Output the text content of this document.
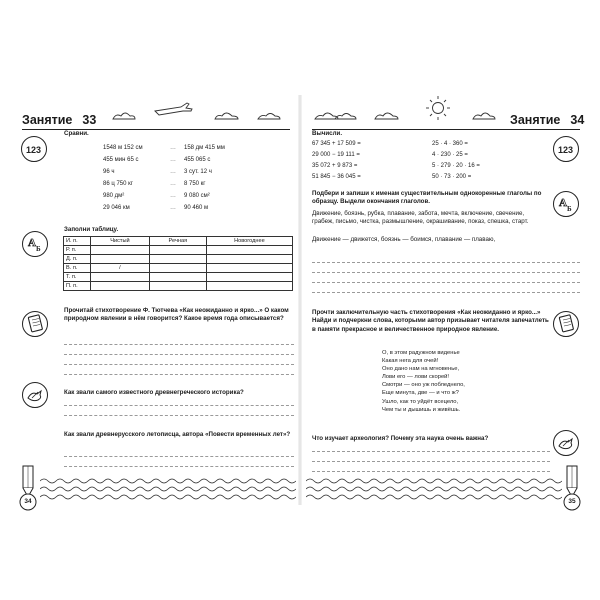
Занятие 33
123
Сравни.
1548 м 152 см	… 158 дм 415 мм
455 мин 65 с	… 455 065 с
96 ч	… 3 сут. 12 ч
86 ц 750 кг	… 8 750 кг
980 дм²	… 9 080 см²
29 046 км	… 90 460 м
A Б
Заполни таблицу.
И. п.	Чистый	Речная	Новогоднее
Р. п.			
Д. п.			
В. п.	/		
Т. п.			
П. п.			
Прочитай стихотворение Ф. Тютчева «Как неожиданно и ярко...» О каком природном явлении в нём говорится? Какое время года описывается?
Как звали самого известного древнегреческого историка?
Как звали древнерусского летописца, автора «Повести временных лет»?
34
Занятие 34
Вычисли.
67 345 + 17 509 =
29 000 − 19 111 =
35 072 + 9 873 =
51 845 − 36 045 =
25 · 4 · 360 =
4 · 230 · 25 =
5 · 279 · 20 · 16 =
50 · 73 · 200 =
123
A Б
Подбери и запиши к именам существительным однокоренные глаголы по образцу. Выдели окончания глаголов.
Движение, боязнь, рубка, плавание, забота, мечта, включение, свечение, грабеж, письмо, чистка, размышление, окрашивание, показ, спешка, старт.
Движение — движется, боязнь — боимся, плавание — плаваю,
Прочти заключительную часть стихотворения «Как неожиданно и ярко...» Найди и подчеркни слова, которыми автор призывает читателя запечатлеть в памяти прекрасное и величественное природное явление.
О, в этом радужном виденье
Какая нега для очей!
Оно дано нам на мгновенье,
Лови его — лови скорей!
Смотри — оно уж побледнело,
Еще минута, две — и что ж?
Ушло, как то уйдёт всецело,
Чем ты и дышишь и живёшь.
Что изучает археология? Почему эта наука очень важна?
35
